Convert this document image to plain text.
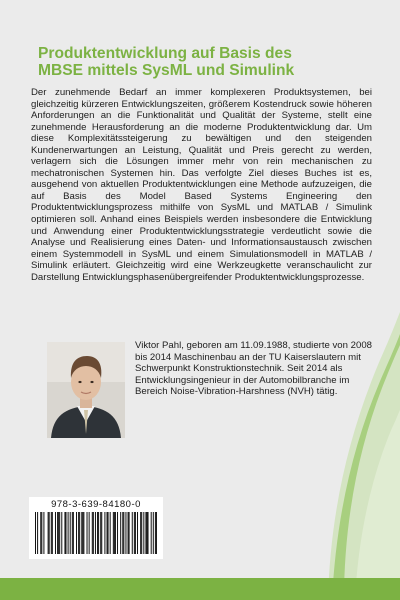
Produktentwicklung auf Basis des
MBSE mittels SysML und Simulink

Der zunehmende Bedarf an immer komplexeren Produktsystemen, bei gleichzeitig kürzeren Entwicklungszeiten, größerem Kostendruck sowie höheren Anforderungen an die Funktionalität und Qualität der Systeme, stellt eine zunehmende Herausforderung an die moderne Produktentwicklung dar. Um diese Komplexitätssteigerung zu bewältigen und den steigenden Kundenerwartungen an Leistung, Qualität und Preis gerecht zu werden, verlagern sich die Lösungen immer mehr von rein mechanischen zu mechatronischen Systemen hin. Das verfolgte Ziel dieses Buches ist es, ausgehend von aktuellen Produktentwicklungen eine Methode aufzuzeigen, die auf Basis des Model Based Systems Engineering den Produktentwicklungsprozess mithilfe von SysML und MATLAB / Simulink optimieren soll. Anhand eines Beispiels werden insbesondere die Entwicklung und Anwendung einer Produktentwicklungsstrategie verdeutlicht sowie die Analyse und Realisierung eines Daten- und Informationsaustausch zwischen einem Systemmodell in SysML und einem Simulationsmodell in MATLAB / Simulink erläutert. Gleichzeitig wird eine Werkzeugkette veranschaulicht zur Darstellung Entwicklungsphasenübergreifender Produktentwicklungsprozesse.

Viktor Pahl, geboren am 11.09.1988, studierte von 2008 bis 2014 Maschinenbau an der TU Kaiserslautern mit Schwerpunkt Konstruktionstechnik. Seit 2014 als Entwicklungsingenieur in der Automobilbranche im Bereich Noise-Vibration-Harshness (NVH) tätig.

978-3-639-84180-0
